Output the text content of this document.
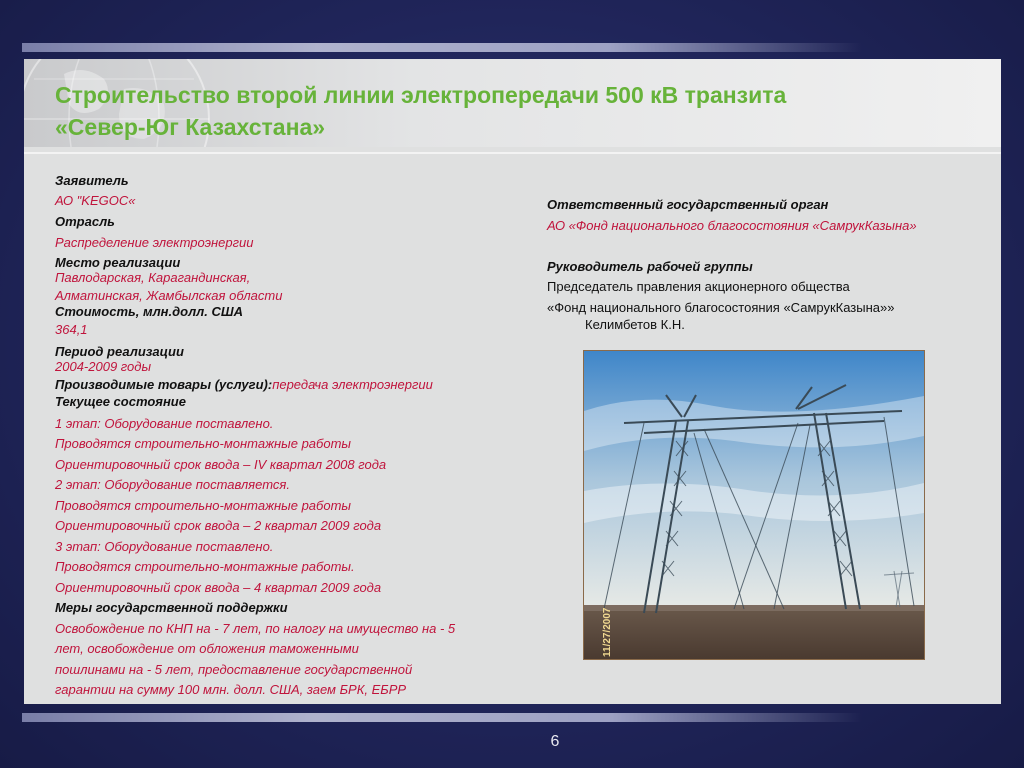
Строительство второй линии электропередачи 500 кВ транзита
«Север-Юг Казахстана»
Заявитель
АО "KEGOC«
Отрасль
Распределение электроэнергии
Место реализации
Павлодарская, Карагандинская,
Алматинская, Жамбылская области
Стоимость, млн.долл. США
364,1
Период реализации
2004-2009 годы
Производимые товары (услуги):передача электроэнергии
Текущее состояние
1 этап: Оборудование поставлено.
Проводятся строительно-монтажные работы
Ориентировочный срок ввода – IV квартал 2008 года
2 этап: Оборудование поставляется.
Проводятся строительно-монтажные работы
Ориентировочный срок ввода – 2 квартал 2009 года
3 этап: Оборудование поставлено.
Проводятся строительно-монтажные работы.
Ориентировочный срок ввода – 4 квартал 2009 года
Меры государственной поддержки
Освобождение по КНП на - 7 лет, по налогу на имущество на - 5
лет, освобождение от обложения таможенными
пошлинами на - 5 лет, предоставление государственной
гарантии на сумму 100 млн. долл. США, заем БРК, ЕБРР
Ответственный государственный орган
АО «Фонд национального благосостояния «СамрукКазына»
Руководитель рабочей группы
Председатель правления акционерного общества
«Фонд национального благосостояния «СамрукКазына»»
Келимбетов К.Н.
11/27/2007
6
